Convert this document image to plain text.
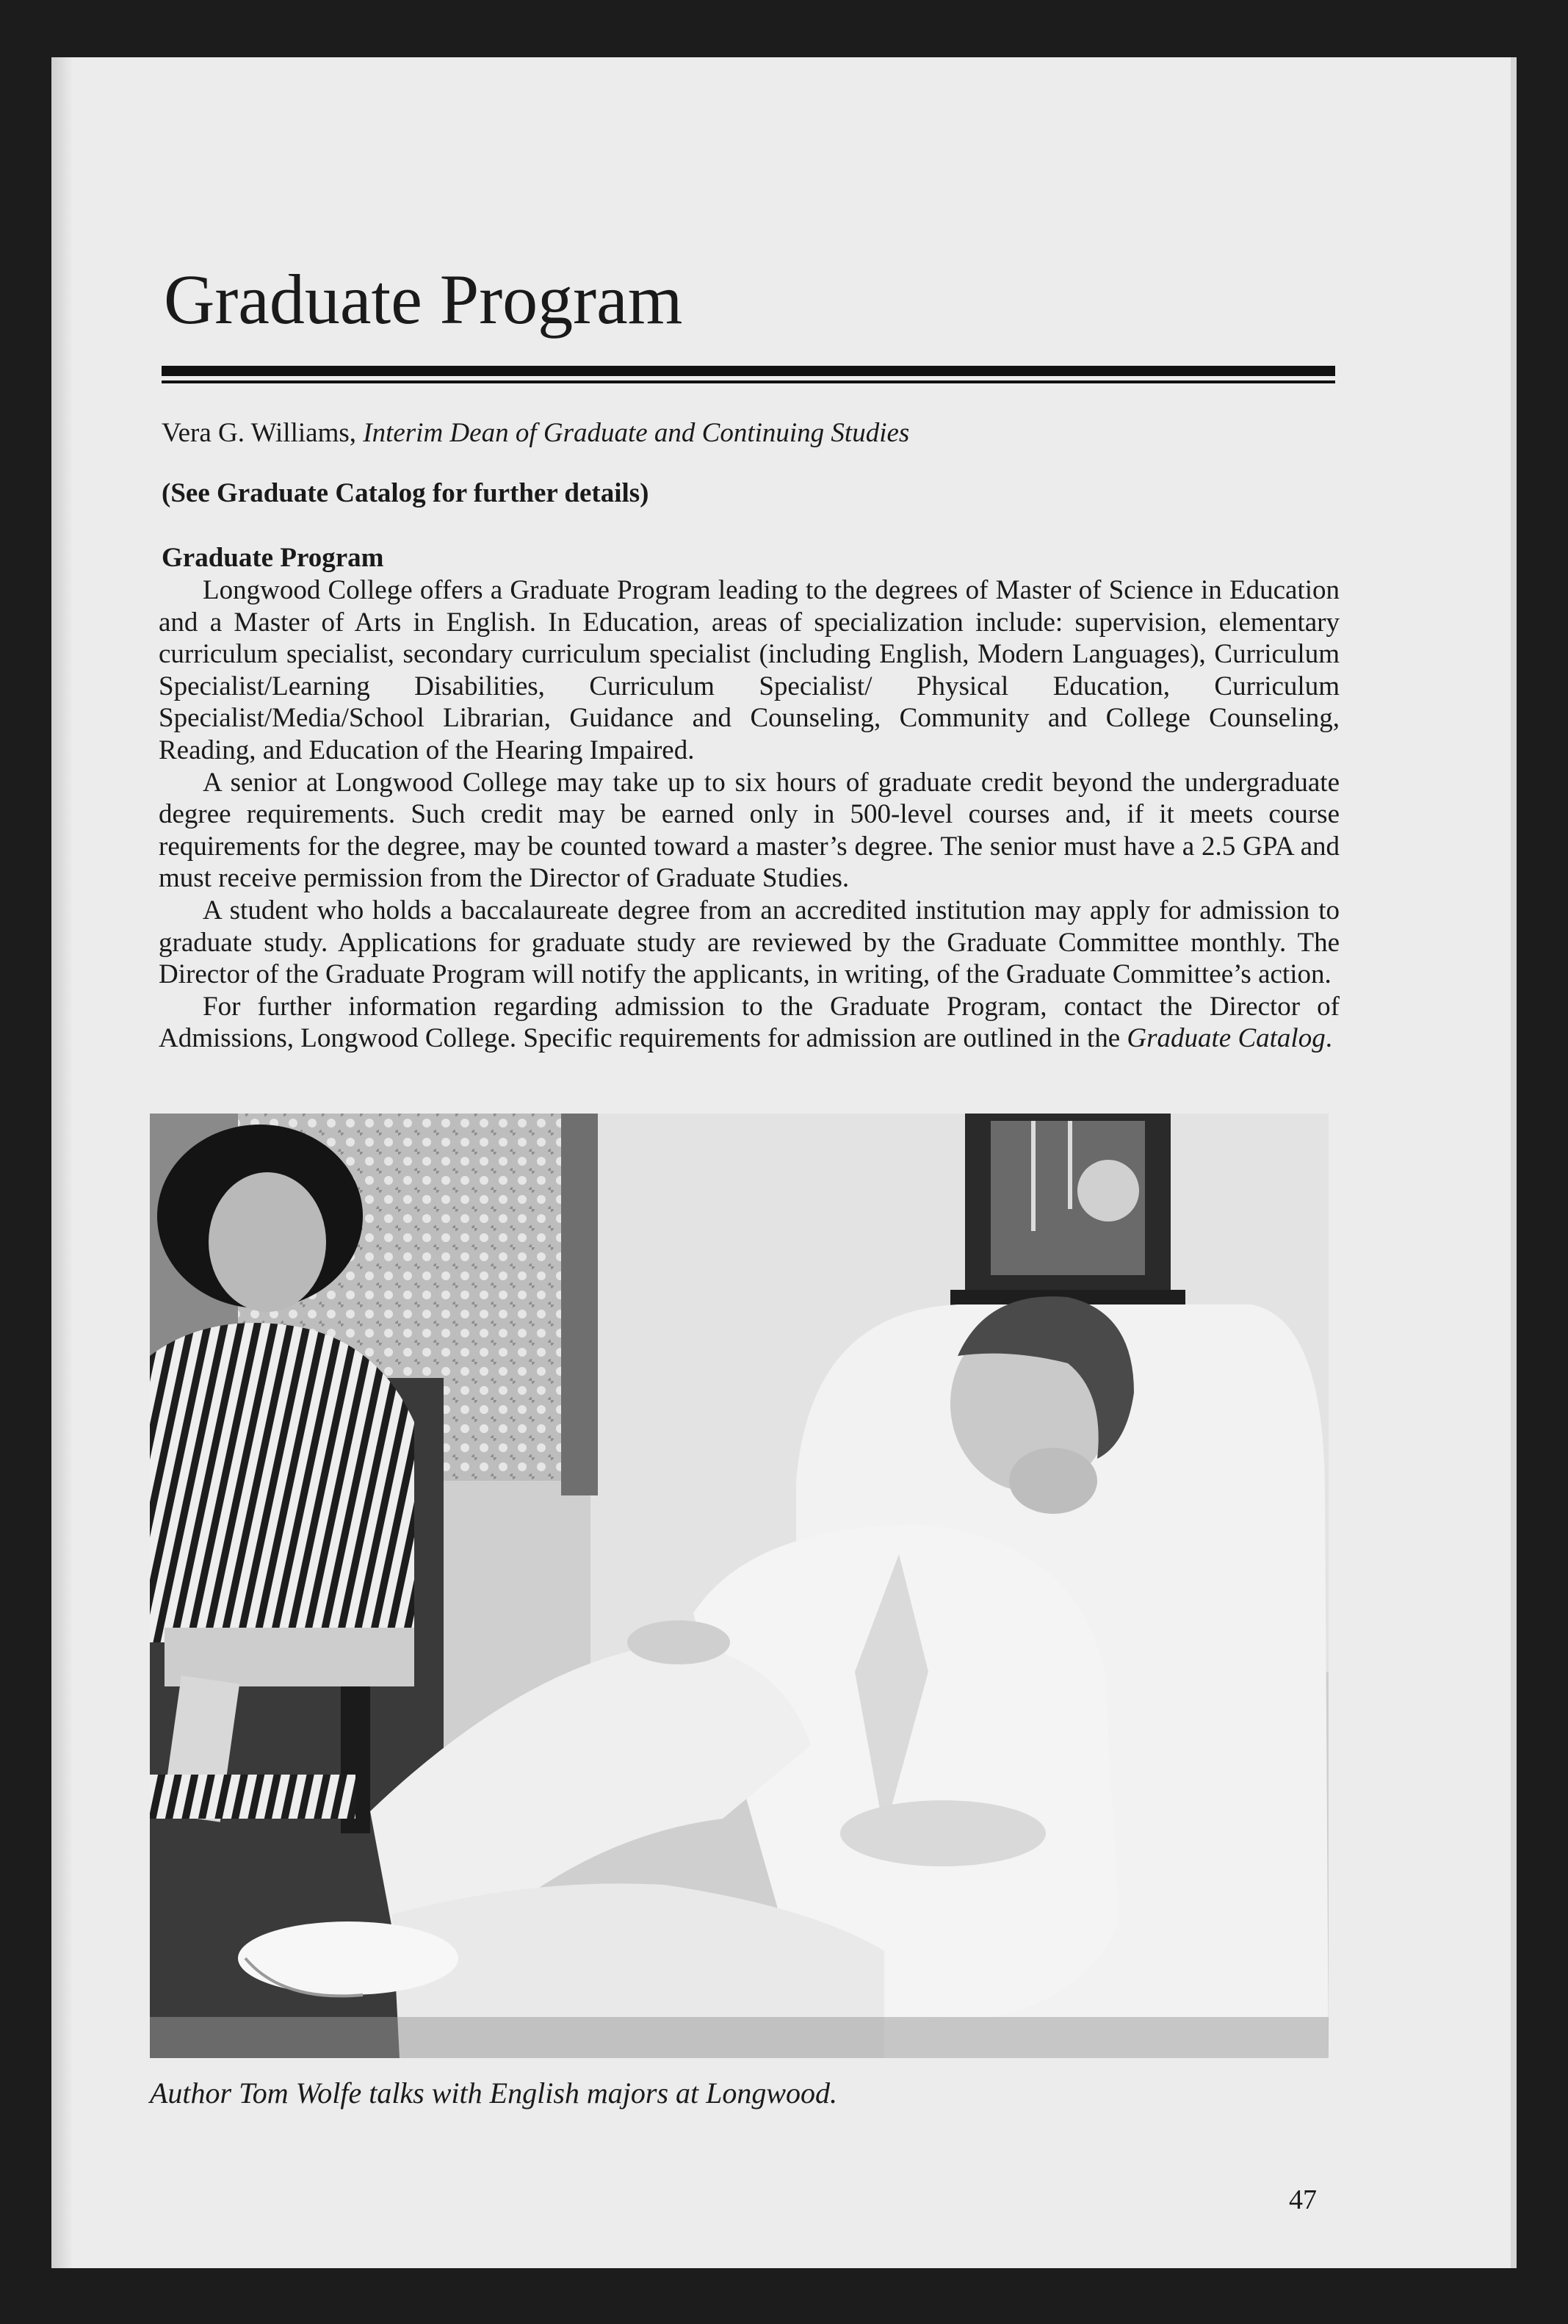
Graduate Program
Vera G. Williams, Interim Dean of Graduate and Continuing Studies
(See Graduate Catalog for further details)
Graduate Program

Longwood College offers a Graduate Program leading to the degrees of Master of Science in Education and a Master of Arts in English. In Education, areas of specialization include: supervision, elementary curriculum specialist, secondary curriculum specialist (including English, Modern Languages), Curriculum Specialist/Learning Disabilities, Curriculum Specialist/ Physical Education, Curriculum Specialist/Media/School Librarian, Guidance and Counseling, Community and College Counseling, Reading, and Education of the Hearing Impaired.

A senior at Longwood College may take up to six hours of graduate credit beyond the undergraduate degree requirements. Such credit may be earned only in 500-level courses and, if it meets course requirements for the degree, may be counted toward a master’s degree. The senior must have a 2.5 GPA and must receive permission from the Director of Graduate Studies.

A student who holds a baccalaureate degree from an accredited institution may apply for admission to graduate study. Applications for graduate study are reviewed by the Graduate Committee monthly. The Director of the Graduate Program will notify the applicants, in writing, of the Graduate Committee’s action.

For further information regarding admission to the Graduate Program, contact the Director of Admissions, Longwood College. Specific requirements for admission are outlined in the Graduate Catalog.

Author Tom Wolfe talks with English majors at Longwood.
47
